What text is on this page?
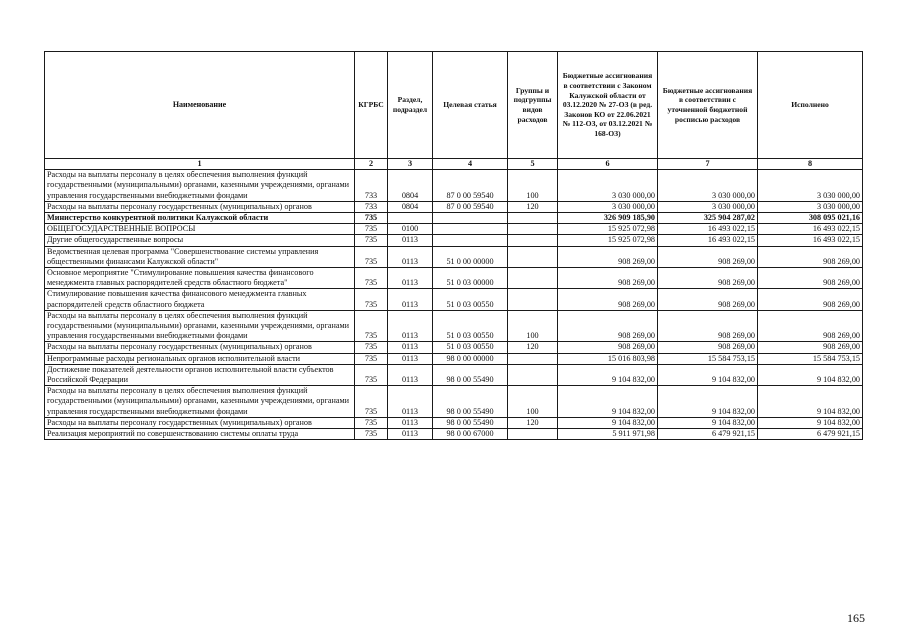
Наименование	КГРБС	Раздел, подраздел	Целевая статья	Группы и подгруппы видов расходов	Бюджетные ассигнования в соответствии с Законом Калужской области от 03.12.2020 № 27-ОЗ (в ред. Законов КО от 22.06.2021 № 112-ОЗ, от 03.12.2021 № 168-ОЗ)	Бюджетные ассигнования в соответствии с уточненной бюджетной росписью расходов	Исполнено
1	2	3	4	5	6	7	8
Расходы на выплаты персоналу в целях обеспечения выполнения функций государственными (муниципальными) органами, казенными учреждениями, органами управления государственными внебюджетными фондами	733	0804	87 0 00 59540	100	3 030 000,00	3 030 000,00	3 030 000,00
Расходы на выплаты персоналу государственных (муниципальных) органов	733	0804	87 0 00 59540	120	3 030 000,00	3 030 000,00	3 030 000,00
Министерство конкурентной политики Калужской области	735				326 909 185,90	325 904 287,02	308 095 021,16
ОБЩЕГОСУДАРСТВЕННЫЕ ВОПРОСЫ	735	0100			15 925 072,98	16 493 022,15	16 493 022,15
Другие общегосударственные вопросы	735	0113			15 925 072,98	16 493 022,15	16 493 022,15
Ведомственная целевая программа "Совершенствование системы управления общественными финансами Калужской области"	735	0113	51 0 00 00000		908 269,00	908 269,00	908 269,00
Основное мероприятие "Стимулирование повышения качества финансового менеджмента главных распорядителей средств областного бюджета"	735	0113	51 0 03 00000		908 269,00	908 269,00	908 269,00
Стимулирование повышения качества финансового менеджмента главных распорядителей средств областного бюджета	735	0113	51 0 03 00550		908 269,00	908 269,00	908 269,00
Расходы на выплаты персоналу в целях обеспечения выполнения функций государственными (муниципальными) органами, казенными учреждениями, органами управления государственными внебюджетными фондами	735	0113	51 0 03 00550	100	908 269,00	908 269,00	908 269,00
Расходы на выплаты персоналу государственных (муниципальных) органов	735	0113	51 0 03 00550	120	908 269,00	908 269,00	908 269,00
Непрограммные расходы региональных органов исполнительной власти	735	0113	98 0 00 00000		15 016 803,98	15 584 753,15	15 584 753,15
Достижение показателей деятельности органов исполнительной власти субъектов Российской Федерации	735	0113	98 0 00 55490		9 104 832,00	9 104 832,00	9 104 832,00
Расходы на выплаты персоналу в целях обеспечения выполнения функций государственными (муниципальными) органами, казенными учреждениями, органами управления государственными внебюджетными фондами	735	0113	98 0 00 55490	100	9 104 832,00	9 104 832,00	9 104 832,00
Расходы на выплаты персоналу государственных (муниципальных) органов	735	0113	98 0 00 55490	120	9 104 832,00	9 104 832,00	9 104 832,00
Реализация мероприятий по совершенствованию системы оплаты труда	735	0113	98 0 00 67000		5 911 971,98	6 479 921,15	6 479 921,15
165
